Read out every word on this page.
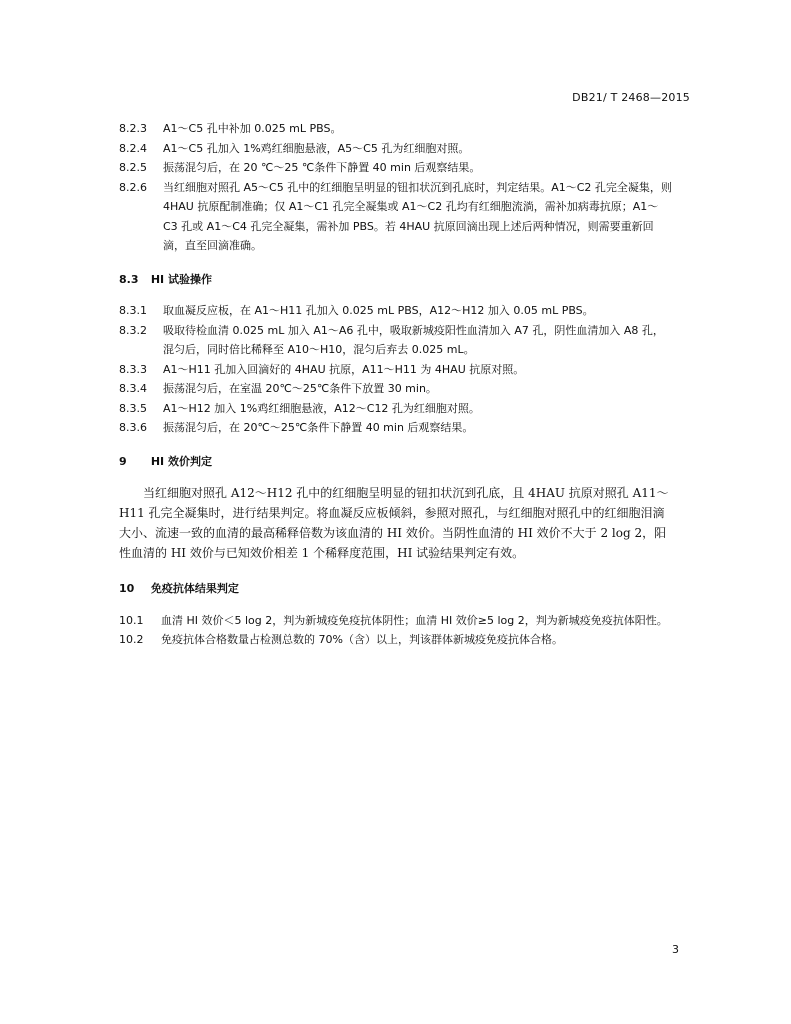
DB21/ T 2468—2015
8.2.3	A1～C5 孔中补加 0.025 mL PBS。
8.2.4	A1～C5 孔加入 1%鸡红细胞悬液，A5～C5 孔为红细胞对照。
8.2.5	振荡混匀后，在 20 ℃～25 ℃条件下静置 40 min 后观察结果。
8.2.6	当红细胞对照孔 A5～C5 孔中的红细胞呈明显的钮扣状沉到孔底时，判定结果。A1～C2 孔完全凝集，则 4HAU 抗原配制准确；仅 A1～C1 孔完全凝集或 A1～C2 孔均有红细胞流淌，需补加病毒抗原；A1～C3 孔或 A1～C4 孔完全凝集，需补加 PBS。若 4HAU 抗原回滴出现上述后两种情况，则需要重新回滴，直至回滴准确。
8.3 HI 试验操作
8.3.1	取血凝反应板，在 A1～H11 孔加入 0.025 mL PBS，A12～H12 加入 0.05 mL PBS。
8.3.2	吸取待检血清 0.025 mL 加入 A1～A6 孔中，吸取新城疫阳性血清加入 A7 孔，阴性血清加入 A8 孔，混匀后，同时倍比稀释至 A10～H10，混匀后弃去 0.025 mL。
8.3.3	A1～H11 孔加入回滴好的 4HAU 抗原，A11～H11 为 4HAU 抗原对照。
8.3.4	振荡混匀后，在室温 20℃～25℃条件下放置 30 min。
8.3.5	A1～H12 加入 1%鸡红细胞悬液，A12～C12 孔为红细胞对照。
8.3.6	振荡混匀后，在 20℃～25℃条件下静置 40 min 后观察结果。
9 HI 效价判定
当红细胞对照孔 A12～H12 孔中的红细胞呈明显的钮扣状沉到孔底，且 4HAU 抗原对照孔 A11～H11 孔完全凝集时，进行结果判定。将血凝反应板倾斜，参照对照孔，与红细胞对照孔中的红细胞泪滴大小、流速一致的血清的最高稀释倍数为该血清的 HI 效价。当阴性血清的 HI 效价不大于 2 log 2，阳性血清的 HI 效价与已知效价相差 1 个稀释度范围，HI 试验结果判定有效。
10 免疫抗体结果判定
10.1	血清 HI 效价＜5 log 2，判为新城疫免疫抗体阴性；血清 HI 效价≥5 log 2，判为新城疫免疫抗体阳性。
10.2	免疫抗体合格数量占检测总数的 70%（含）以上，判该群体新城疫免疫抗体合格。
3
